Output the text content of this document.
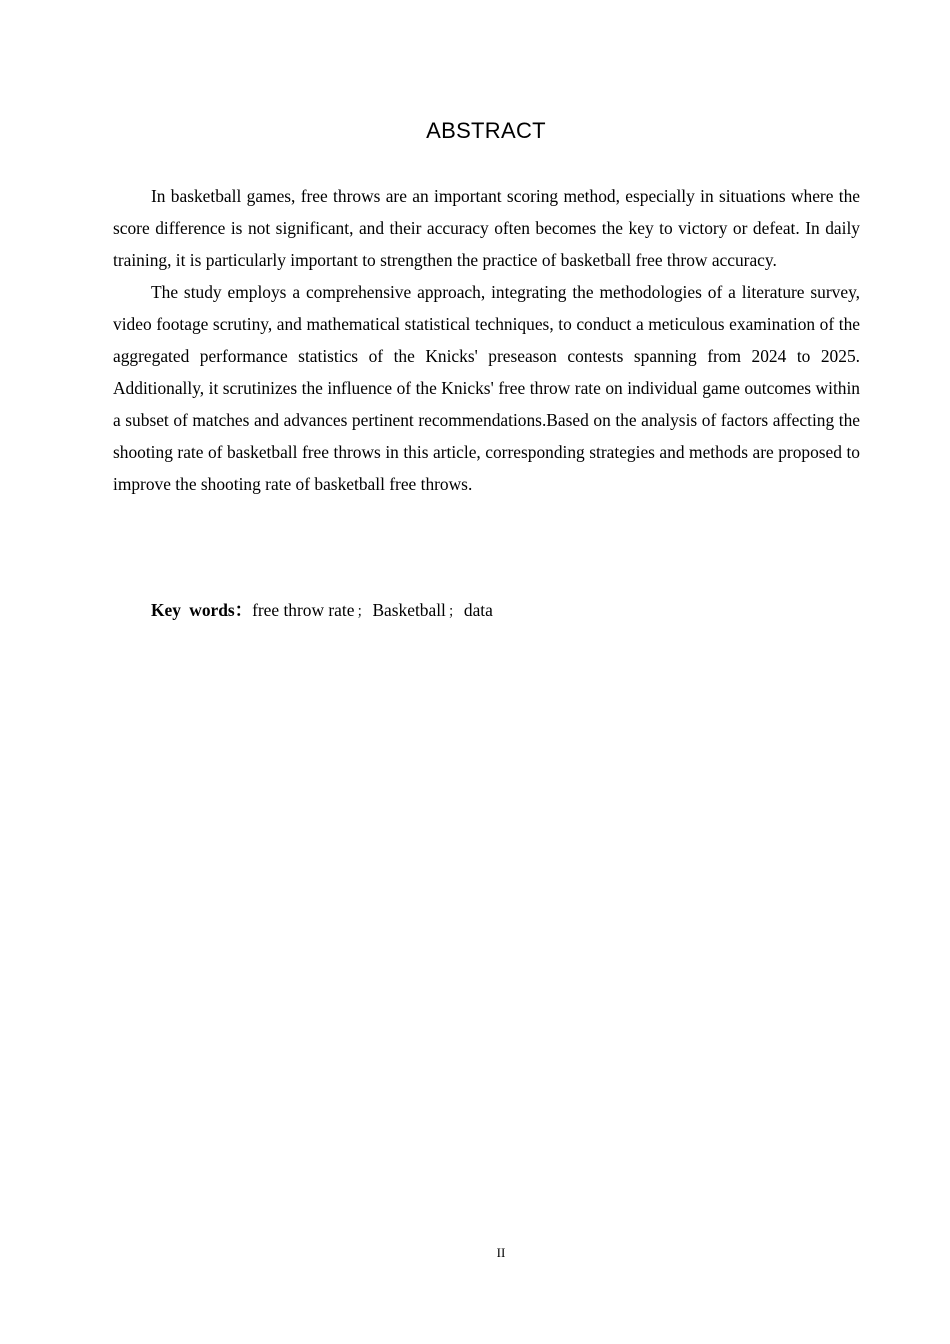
ABSTRACT

In basketball games, free throws are an important scoring method, especially in situations where the score difference is not significant, and their accuracy often becomes the key to victory or defeat. In daily training, it is particularly important to strengthen the practice of basketball free throw accuracy.

The study employs a comprehensive approach, integrating the methodologies of a literature survey, video footage scrutiny, and mathematical statistical techniques, to conduct a meticulous examination of the aggregated performance statistics of the Knicks' preseason contests spanning from 2024 to 2025. Additionally, it scrutinizes the influence of the Knicks' free throw rate on individual game outcomes within a subset of matches and advances pertinent recommendations.Based on the analysis of factors affecting the shooting rate of basketball free throws in this article, corresponding strategies and methods are proposed to improve the shooting rate of basketball free throws.

Key words：free throw rate ； Basketball ； data
II
